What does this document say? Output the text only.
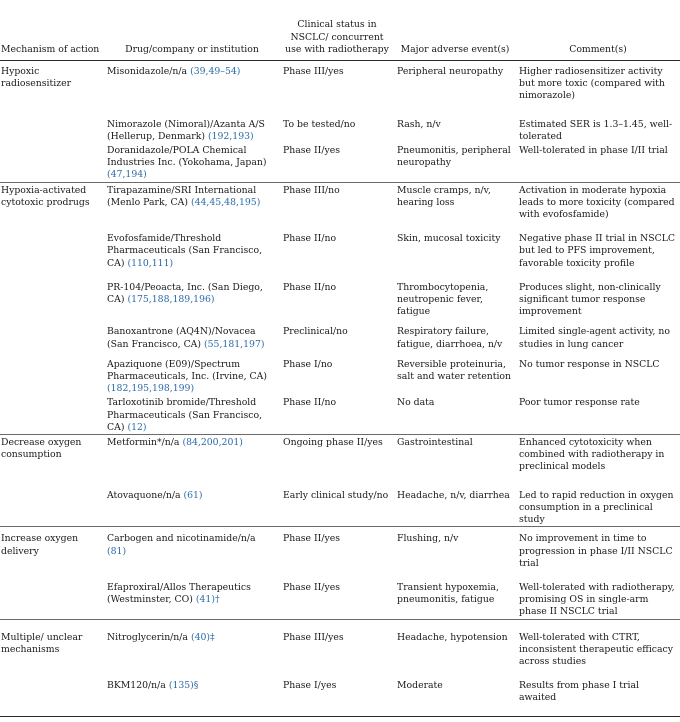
Mechanism of action	Drug/company or institution	Clinical status in NSCLC/ concurrent use with radiotherapy	Major adverse event(s)	Comment(s)
Hypoxic radiosensitizer	Misonidazole/n/a (39,49–54)	Phase III/yes	Peripheral neuropathy	Higher radiosensitizer activity but more toxic (compared with nimorazole)
	Nimorazole (Nimoral)/Azanta A/S (Hellerup, Denmark) (192,193)	To be tested/no	Rash, n/v	Estimated SER is 1.3–1.45, well-tolerated
	Doranidazole/POLA Chemical Industries Inc. (Yokohama, Japan) (47,194)	Phase II/yes	Pneumonitis, peripheral neuropathy	Well-tolerated in phase I/II trial
Hypoxia-activated cytotoxic prodrugs	Tirapazamine/SRI International (Menlo Park, CA) (44,45,48,195)	Phase III/no	Muscle cramps, n/v, hearing loss	Activation in moderate hypoxia leads to more toxicity (compared with evofosfamide)
	Evofosfamide/Threshold Pharmaceuticals (San Francisco, CA) (110,111)	Phase II/no	Skin, mucosal toxicity	Negative phase II trial in NSCLC but led to PFS improvement, favorable toxicity profile
	PR-104/Peoacta, Inc. (San Diego, CA) (175,188,189,196)	Phase II/no	Thrombocytopenia, neutropenic fever, fatigue	Produces slight, non-clinically significant tumor response improvement
	Banoxantrone (AQ4N)/Novacea (San Francisco, CA) (55,181,197)	Preclinical/no	Respiratory failure, fatigue, diarrhoea, n/v	Limited single-agent activity, no studies in lung cancer
	Apaziquone (E09)/Spectrum Pharmaceuticals, Inc. (Irvine, CA) (182,195,198,199)	Phase I/no	Reversible proteinuria, salt and water retention	No tumor response in NSCLC
	Tarloxotinib bromide/Threshold Pharmaceuticals (San Francisco, CA) (12)	Phase II/no	No data	Poor tumor response rate
Decrease oxygen consumption	Metformin*/n/a (84,200,201)	Ongoing phase II/yes	Gastrointestinal	Enhanced cytotoxicity when combined with radiotherapy in preclinical models
	Atovaquone/n/a (61)	Early clinical study/no	Headache, n/v, diarrhea	Led to rapid reduction in oxygen consumption in a preclinical study
Increase oxygen delivery	Carbogen and nicotinamide/n/a (81)	Phase II/yes	Flushing, n/v	No improvement in time to progression in phase I/II NSCLC trial
	Efaproxiral/Allos Therapeutics (Westminster, CO) (41)†	Phase II/yes	Transient hypoxemia, pneumonitis, fatigue	Well-tolerated with radiotherapy, promising OS in single-arm phase II NSCLC trial
Multiple/ unclear mechanisms	Nitroglycerin/n/a (40)‡	Phase III/yes	Headache, hypotension	Well-tolerated with CTRT, inconsistent therapeutic efficacy across studies
	BKM120/n/a (135)§	Phase I/yes	Moderate	Results from phase I trial awaited
